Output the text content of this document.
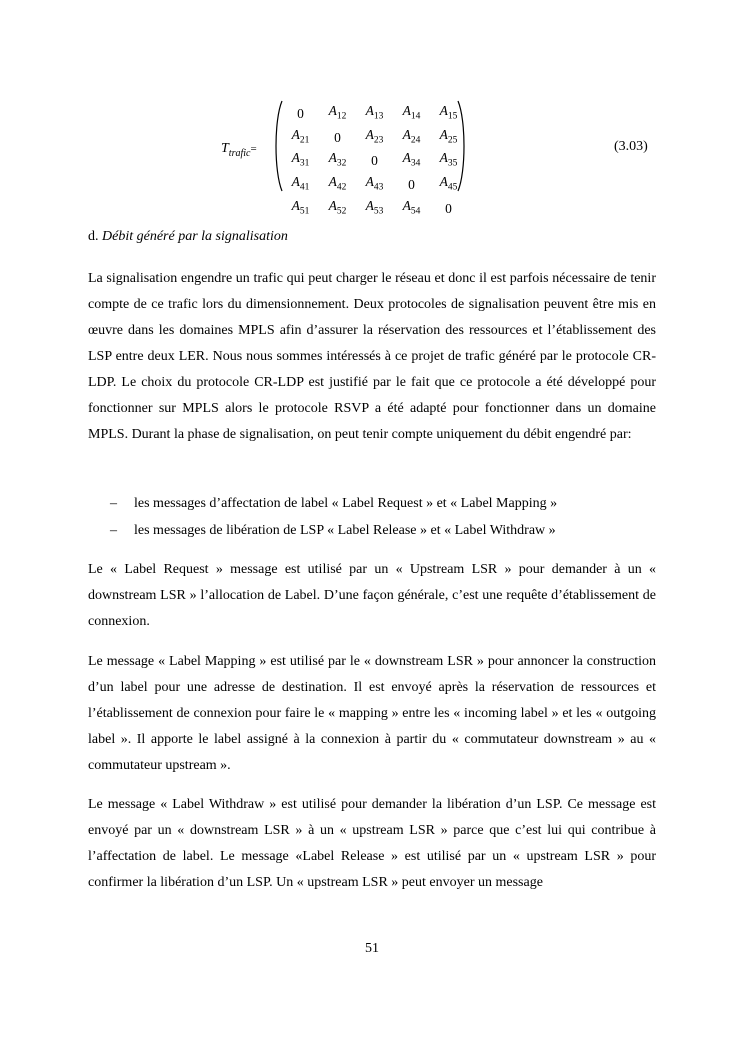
$T_{trafic}=$
0	$A_{12}$	$A_{13}$	$A_{14}$	$A_{15}$
$A_{21}$	0	$A_{23}$	$A_{24}$	$A_{25}$
$A_{31}$	$A_{32}$	0	$A_{34}$	$A_{35}$
$A_{41}$	$A_{42}$	$A_{43}$	0	$A_{45}$
$A_{51}$	$A_{52}$	$A_{53}$	$A_{54}$	0
(3.03)
d. Débit généré par la signalisation
La signalisation engendre un trafic qui peut charger le réseau et donc il est parfois nécessaire de tenir compte de ce trafic lors du dimensionnement. Deux protocoles de signalisation peuvent être mis en œuvre dans les domaines MPLS afin d’assurer la réservation des ressources et l’établissement des LSP entre deux LER. Nous nous sommes intéressés à ce projet de trafic généré par le protocole CR-LDP. Le choix du protocole CR-LDP est justifié par le fait que ce protocole a été développé pour fonctionner sur MPLS alors le protocole RSVP a été adapté pour fonctionner dans un domaine MPLS. Durant la phase de signalisation, on peut tenir compte uniquement du débit engendré par:
– les messages d’affectation de label « Label Request » et « Label Mapping »
– les messages de libération de LSP « Label Release » et « Label Withdraw »
Le « Label Request » message est utilisé par un « Upstream LSR » pour demander à un « downstream LSR » l’allocation de Label. D’une façon générale, c’est une requête d’établissement de connexion.
Le message « Label Mapping » est utilisé par le « downstream LSR » pour annoncer la construction d’un label pour une adresse de destination. Il est envoyé après la réservation de ressources et l’établissement de connexion pour faire le « mapping » entre les « incoming label » et les « outgoing label ». Il apporte le label assigné à la connexion à partir du « commutateur downstream » au « commutateur upstream ».
Le message « Label Withdraw » est utilisé pour demander la libération d’un LSP. Ce message est envoyé par un « downstream LSR » à un « upstream LSR » parce que c’est lui qui contribue à l’affectation de label. Le message «Label Release » est utilisé par un « upstream LSR » pour confirmer la libération d’un LSP. Un « upstream LSR » peut envoyer un message
51
